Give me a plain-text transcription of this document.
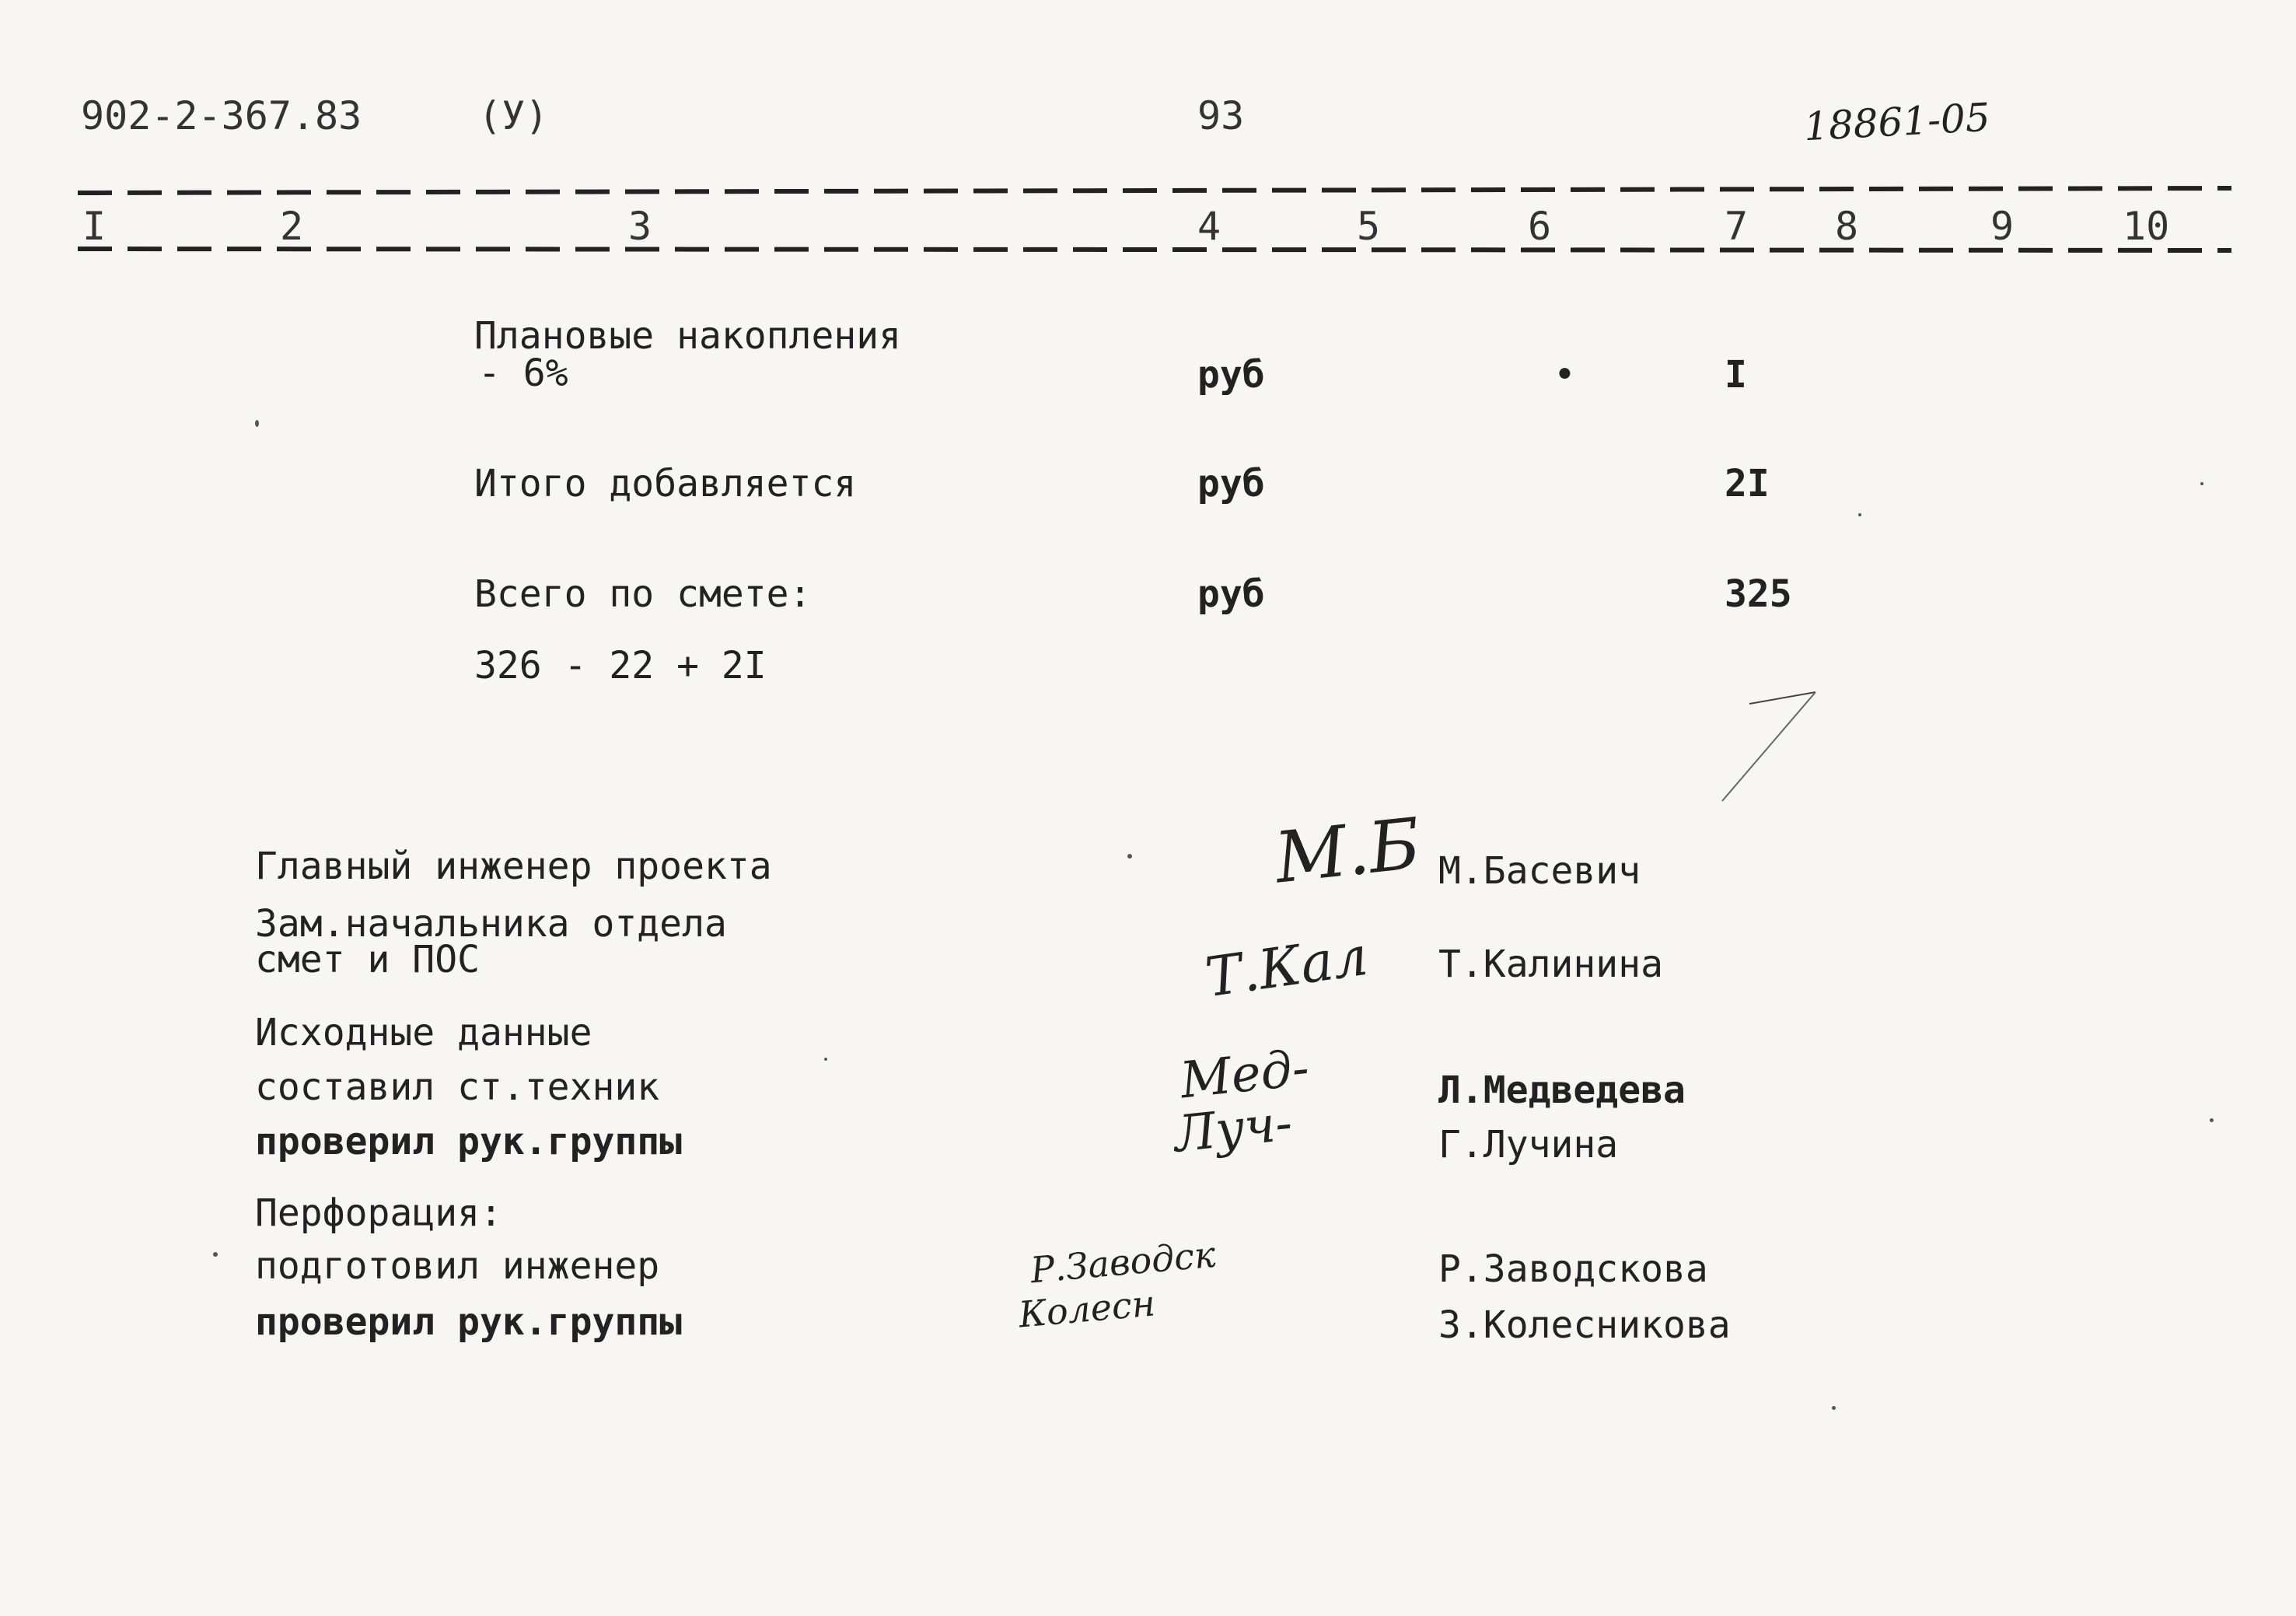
902-2-367.83	(У)	93	18861-05
I	2	3	4	5	6	7 8	9	10
Плановые накопления
- 6%	руб	•	I
Итого добавляется	руб	2I
Всего по смете:	руб	325
326 - 22 + 2I
Главный инженер проекта	М.Б М.Басевич
Зам.начальника отдела
смет и ПОС	Т.Кал Т.Калинина
Исходные данные
составил ст.техник	Мед-	Л.Медведева
проверил рук.группы	Луч-	Г.Лучина
Перфорация:
подготовил инженер	Р.Заводск	Р.Заводскова
проверил рук.группы	Колесн	З.Колесникова
